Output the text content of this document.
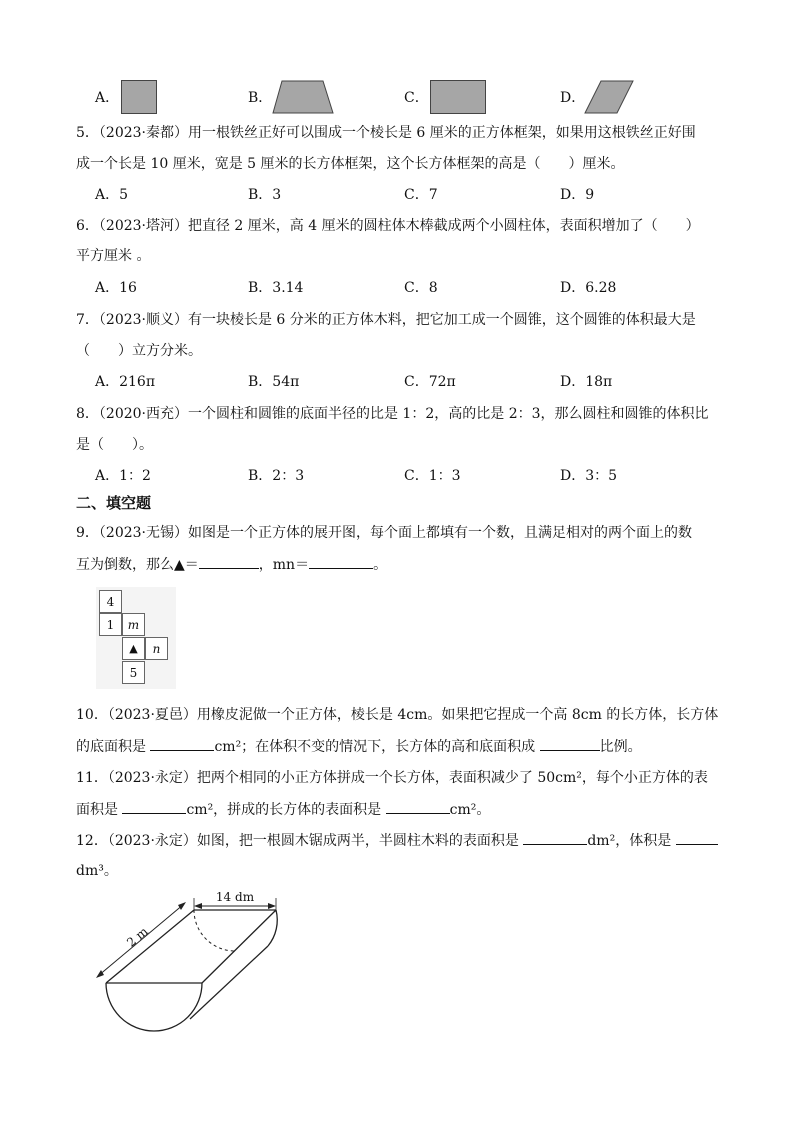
A．	B．	C．	D．
5．（2023·秦都）用一根铁丝正好可以围成一个棱长是 6 厘米的正方体框架，如果用这根铁丝正好围
成一个长是 10 厘米，宽是 5 厘米的长方体框架，这个长方体框架的高是（　　）厘米。
A．5	B．3	C．7	D．9
6．（2023·塔河）把直径 2 厘米，高 4 厘米的圆柱体木棒截成两个小圆柱体，表面积增加了（　　）
平方厘米 。
A．16	B．3.14	C．8	D．6.28
7．（2023·顺义）有一块棱长是 6 分米的正方体木料，把它加工成一个圆锥，这个圆锥的体积最大是
（　　）立方分米。
A．216π	B．54π	C．72π	D．18π
8．（2020·西充）一个圆柱和圆锥的底面半径的比是 1：2，高的比是 2：3，那么圆柱和圆锥的体积比
是（　　）。
A．1：2	B．2：3	C．1：3	D．3：5
二、填空题
9．（2023·无锡）如图是一个正方体的展开图，每个面上都填有一个数，且满足相对的两个面上的数
互为倒数，那么▲＝	，mn＝	。
4
1	m
▲	n
5
10．（2023·夏邑）用橡皮泥做一个正方体，棱长是 4cm。如果把它捏成一个高 8cm 的长方体，长方体
的底面积是	cm²；在体积不变的情况下，长方体的高和底面积成	比例。
11．（2023·永定）把两个相同的小正方体拼成一个长方体，表面积减少了 50cm²，每个小正方体的表
面积是	cm²，拼成的长方体的表面积是	cm²。
12．（2023·永定）如图，把一根圆木锯成两半，半圆柱木料的表面积是	dm²，体积是
dm³。
14 dm
2 m
